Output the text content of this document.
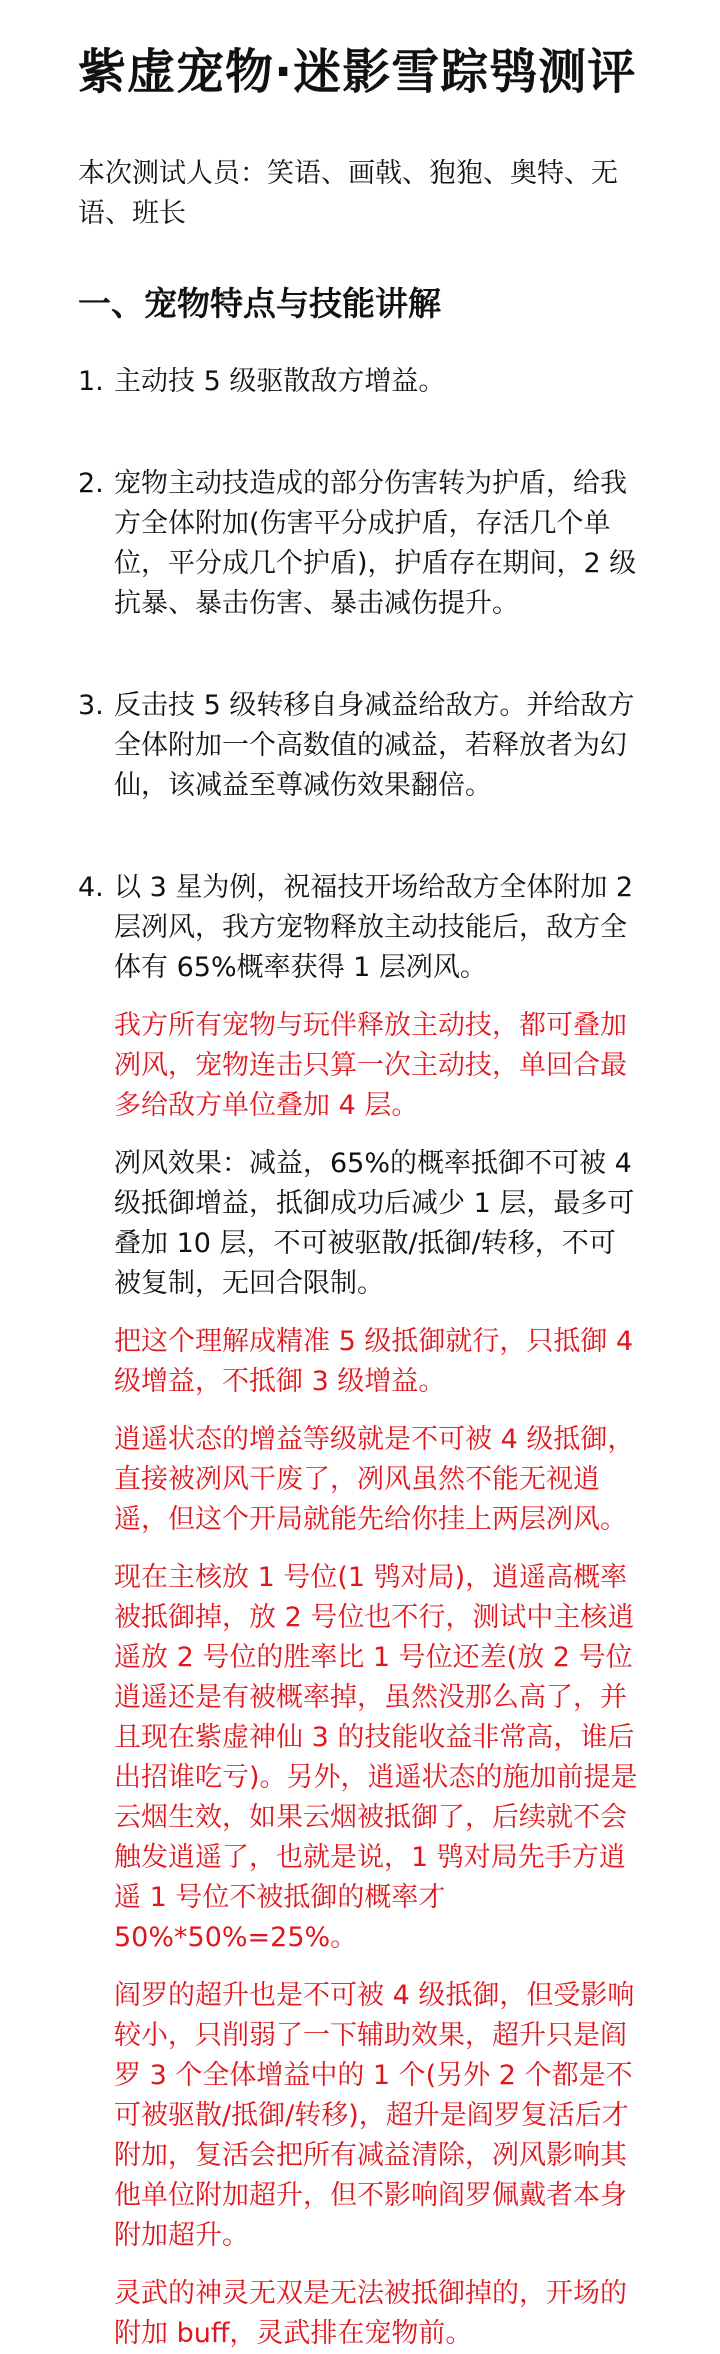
紫虚宠物·迷影雪踪鸮测评

本次测试人员：笑语、画戟、狍狍、奥特、无语、班长

一、宠物特点与技能讲解
1. 主动技 5 级驱散敌方增益。

2. 宠物主动技造成的部分伤害转为护盾，给我方全体附加(伤害平分成护盾，存活几个单位，平分成几个护盾)，护盾存在期间，2 级抗暴、暴击伤害、暴击减伤提升。

3. 反击技 5 级转移自身减益给敌方。并给敌方全体附加一个高数值的减益，若释放者为幻仙，该减益至尊减伤效果翻倍。

4. 以 3 星为例，祝福技开场给敌方全体附加 2 层冽风，我方宠物释放主动技能后，敌方全体有 65%概率获得 1 层冽风。

我方所有宠物与玩伴释放主动技，都可叠加冽风，宠物连击只算一次主动技，单回合最多给敌方单位叠加 4 层。

冽风效果：减益，65%的概率抵御不可被 4 级抵御增益，抵御成功后减少 1 层，最多可叠加 10 层，不可被驱散/抵御/转移，不可被复制，无回合限制。

把这个理解成精准 5 级抵御就行，只抵御 4 级增益，不抵御 3 级增益。

逍遥状态的增益等级就是不可被 4 级抵御，直接被冽风干废了，冽风虽然不能无视逍遥，但这个开局就能先给你挂上两层冽风。

现在主核放 1 号位(1 鸮对局)，逍遥高概率被抵御掉，放 2 号位也不行，测试中主核逍遥放 2 号位的胜率比 1 号位还差(放 2 号位逍遥还是有被概率掉，虽然没那么高了，并且现在紫虚神仙 3 的技能收益非常高，谁后出招谁吃亏)。另外，逍遥状态的施加前提是云烟生效，如果云烟被抵御了，后续就不会触发逍遥了，也就是说，1 鸮对局先手方逍遥 1 号位不被抵御的概率才 50%*50%=25%。

阎罗的超升也是不可被 4 级抵御，但受影响较小，只削弱了一下辅助效果，超升只是阎罗 3 个全体增益中的 1 个(另外 2 个都是不可被驱散/抵御/转移)，超升是阎罗复活后才附加，复活会把所有减益清除，冽风影响其他单位附加超升，但不影响阎罗佩戴者本身附加超升。

灵武的神灵无双是无法被抵御掉的，开场的附加 buff，灵武排在宠物前。
